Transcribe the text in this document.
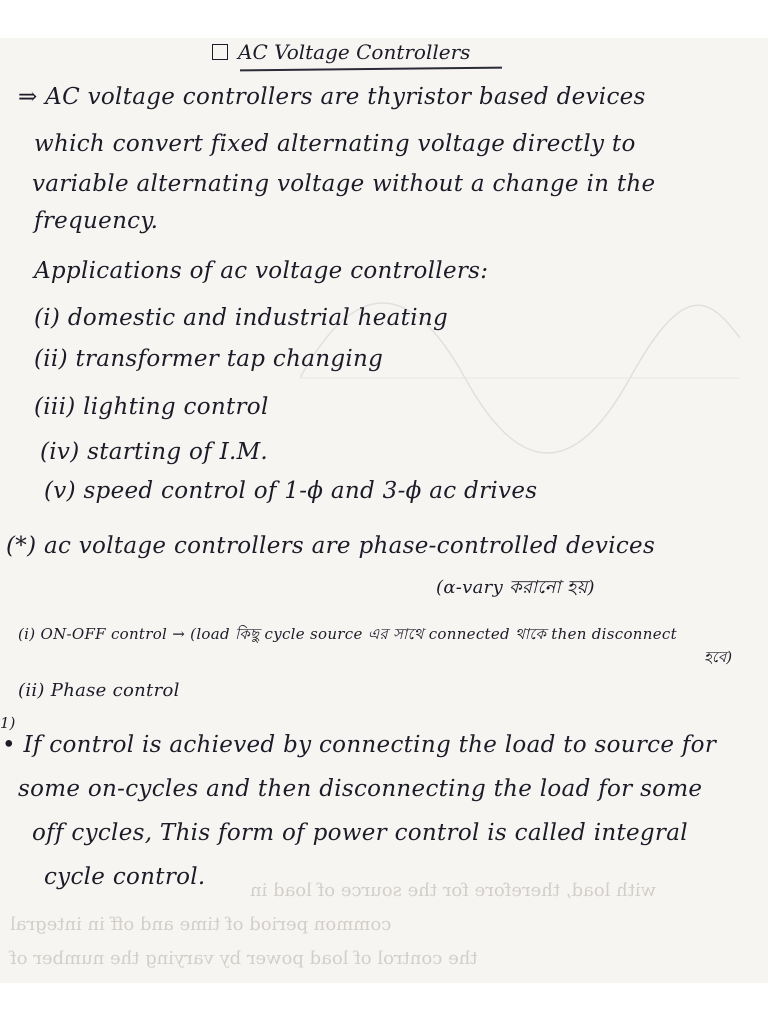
with load, therefore for the source of load in
common period of time and off in integral
the control of load power by varying the number of
AC Voltage Controllers
⇒ AC voltage controllers are thyristor based devices
which convert fixed alternating voltage directly to
variable alternating voltage without a change in the
frequency.
Applications of ac voltage controllers:
(i) domestic and industrial heating
(ii) transformer tap changing
(iii) lighting control
(iv) starting of I.M.
(v) speed control of 1-ϕ and 3-ϕ ac drives
(*) ac voltage controllers are phase-controlled devices
(α-vary করানো হয়)
(i) ON-OFF control → (load কিছু cycle source এর সাথে connected থাকে then disconnect
হবে)
(ii) Phase control
1)
• If control is achieved by connecting the load to source for
some on-cycles and then disconnecting the load for some
off cycles, This form of power control is called integral
cycle control.
